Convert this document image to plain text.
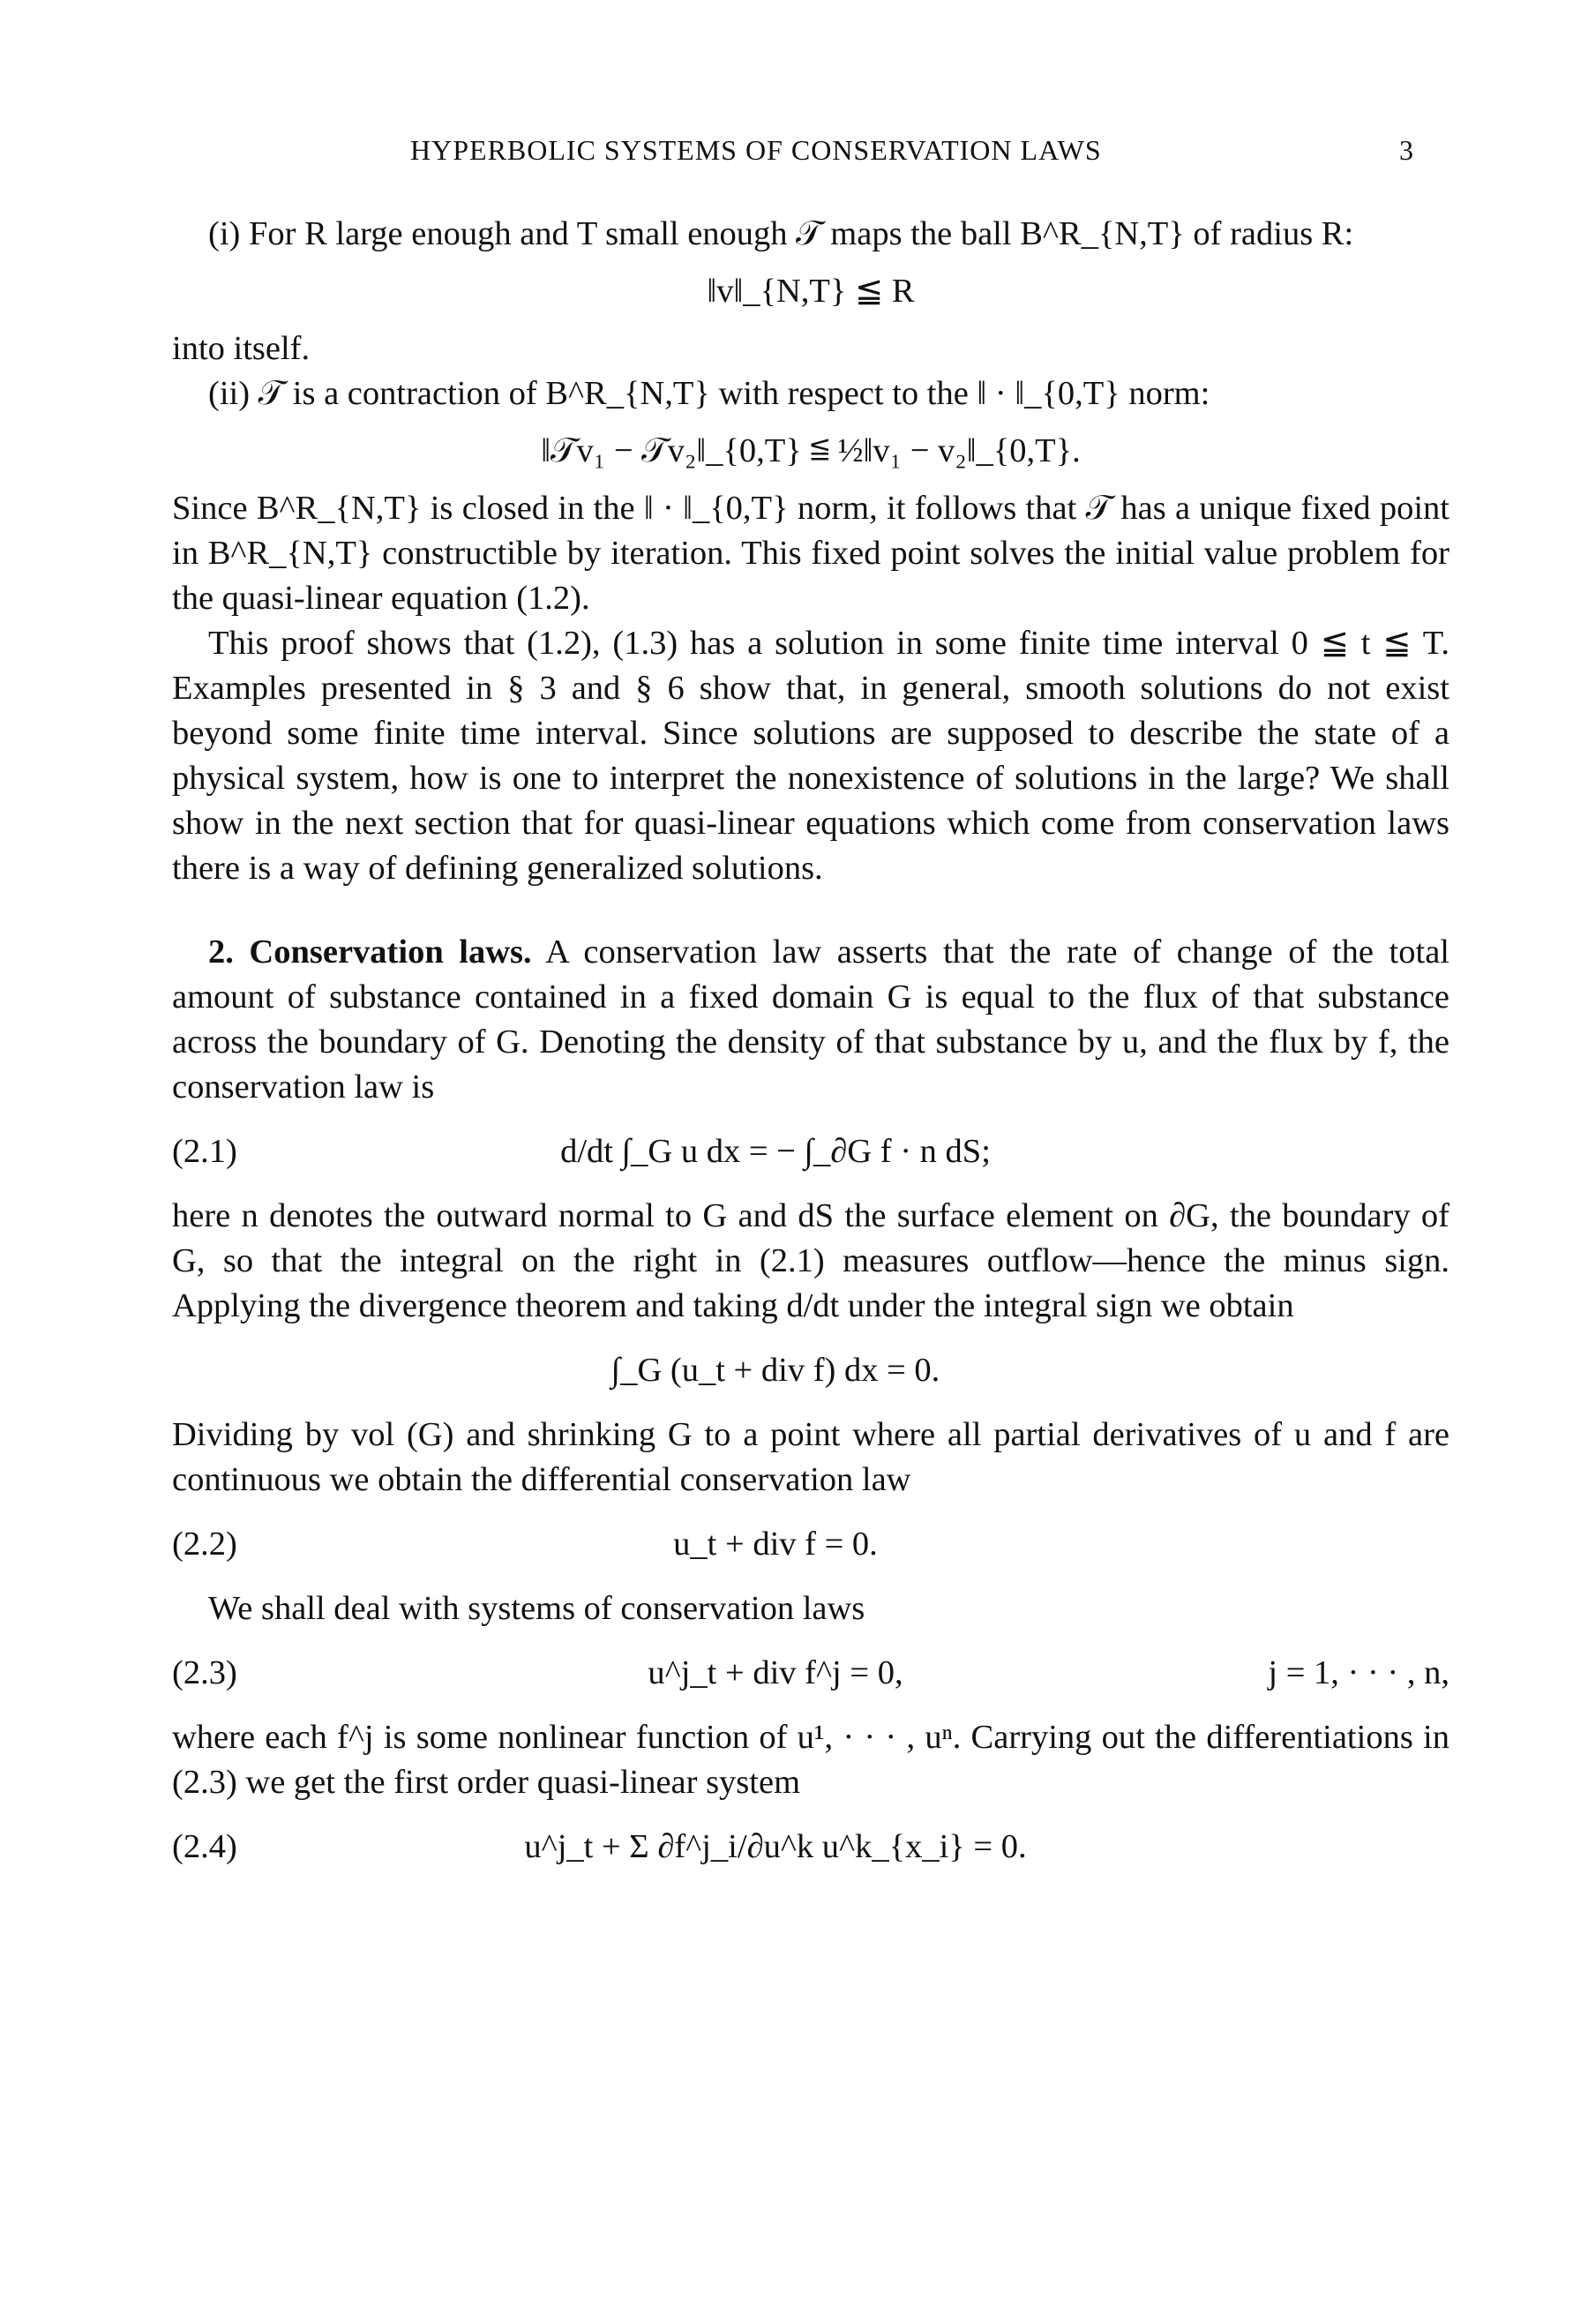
HYPERBOLIC SYSTEMS OF CONSERVATION LAWS	3

(i) For R large enough and T small enough 𝒯 maps the ball B^R_{N,T} of radius R:

‖v‖_{N,T} ≦ R

into itself.

(ii) 𝒯 is a contraction of B^R_{N,T} with respect to the ‖ · ‖_{0,T} norm:

‖𝒯v₁ − 𝒯v₂‖_{0,T} ≦ ½‖v₁ − v₂‖_{0,T}.

Since B^R_{N,T} is closed in the ‖ · ‖_{0,T} norm, it follows that 𝒯 has a unique fixed point in B^R_{N,T} constructible by iteration. This fixed point solves the initial value problem for the quasi-linear equation (1.2).

This proof shows that (1.2), (1.3) has a solution in some finite time interval 0 ≦ t ≦ T. Examples presented in § 3 and § 6 show that, in general, smooth solutions do not exist beyond some finite time interval. Since solutions are supposed to describe the state of a physical system, how is one to interpret the nonexistence of solutions in the large? We shall show in the next section that for quasi-linear equations which come from conservation laws there is a way of defining generalized solutions.

2. Conservation laws. A conservation law asserts that the rate of change of the total amount of substance contained in a fixed domain G is equal to the flux of that substance across the boundary of G. Denoting the density of that substance by u, and the flux by f, the conservation law is

(2.1)	d/dt ∫_G u dx = − ∫_∂G f · n dS;

here n denotes the outward normal to G and dS the surface element on ∂G, the boundary of G, so that the integral on the right in (2.1) measures outflow—hence the minus sign. Applying the divergence theorem and taking d/dt under the integral sign we obtain

∫_G (u_t + div f) dx = 0.

Dividing by vol (G) and shrinking G to a point where all partial derivatives of u and f are continuous we obtain the differential conservation law

(2.2)	u_t + div f = 0.

We shall deal with systems of conservation laws

(2.3)	u^j_t + div f^j = 0,	j = 1, · · · , n,

where each f^j is some nonlinear function of u¹, · · · , uⁿ. Carrying out the differentiations in (2.3) we get the first order quasi-linear system

(2.4)	u^j_t + Σ ∂f^j_i/∂u^k u^k_{x_i} = 0.
